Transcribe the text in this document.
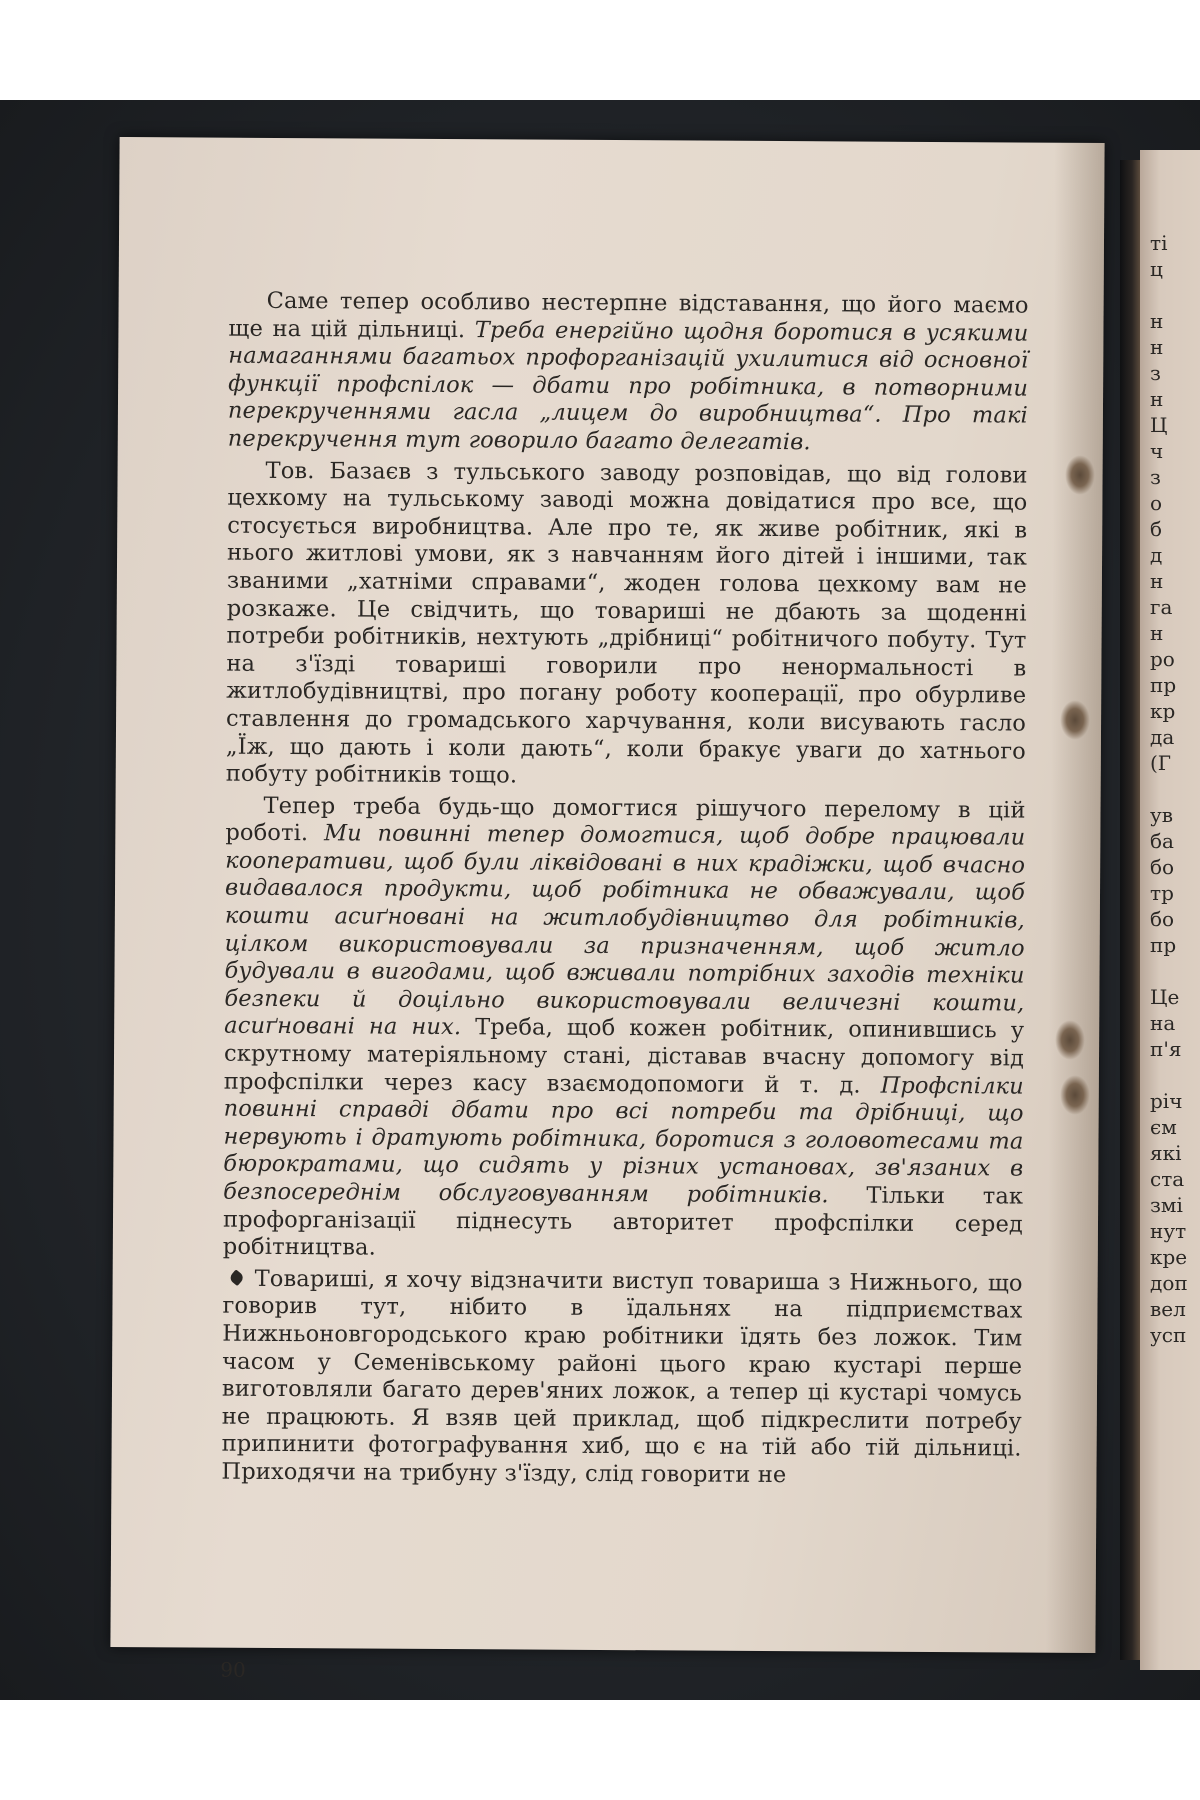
ті
ц

н
н
з
н
Ц
ч
з
о
б
д
н
га
н
ро
пр
кр
да
(Г

ув
ба
бо
тр
бо
пр

Це
на
п'я

річ
єм
які
ста
змі
нут
кре
доп
вел
усп

Саме тепер особливо нестерпне відставання, що його маємо ще на цій дільниці. Треба енергійно щодня боротися в усякими намаганнями багатьох профорганізацій ухилитися від основної функції профспілок — дбати про робітника, в потворними перекрученнями гасла „лицем до виробництва“. Про такі перекручення тут говорило багато делегатів.

Тов. Базаєв з тульського заводу розповідав, що від голови цехкому на тульському заводі можна довідатися про все, що стосується виробництва. Але про те, як живе робітник, які в нього житлові умови, як з навчанням його дітей і іншими, так званими „хатніми справами“, жоден голова цехкому вам не розкаже. Це свідчить, що товариші не дбають за щоденні потреби робітників, нехтують „дрібниці“ робітничого побуту. Тут на з'їзді товариші говорили про ненормальності в житлобудівництві, про погану роботу кооперації, про обурливе ставлення до громадського харчування, коли висувають гасло „Їж, що дають і коли дають“, коли бракує уваги до хатнього побуту робітників тощо.

Тепер треба будь-що домогтися рішучого перелому в цій роботі. Ми повинні тепер домогтися, щоб добре працювали кооперативи, щоб були ліквідовані в них крадіжки, щоб вчасно видавалося продукти, щоб робітника не обважували, щоб кошти асиґновані на житлобудівництво для робітників, цілком використовували за призначенням, щоб житло будували в вигодами, щоб вживали потрібних заходів техніки безпеки й доцільно використовували величезні кошти, асиґновані на них. Треба, щоб кожен робітник, опинившись у скрутному матеріяльному стані, діставав вчасну допомогу від профспілки через касу взаємодопомоги й т. д. Профспілки повинні справді дбати про всі потреби та дрібниці, що нервують і дратують робітника, боротися з головотесами та бюрократами, що сидять у різних установах, зв'язаних в безпосереднім обслуговуванням робітників. Тільки так профорганізації піднесуть авторитет профспілки серед робітництва.

Товариші, я хочу відзначити виступ товариша з Нижнього, що говорив тут, нібито в їдальнях на підприємствах Нижньоновгородського краю робітники їдять без ложок. Тим часом у Семенівському районі цього краю кустарі перше виготовляли багато дерев'яних ложок, а тепер ці кустарі чомусь не працюють. Я взяв цей приклад, щоб підкреслити потребу припинити фотографування хиб, що є на тій або тій дільниці. Приходячи на трибуну з'їзду, слід говорити не

90
